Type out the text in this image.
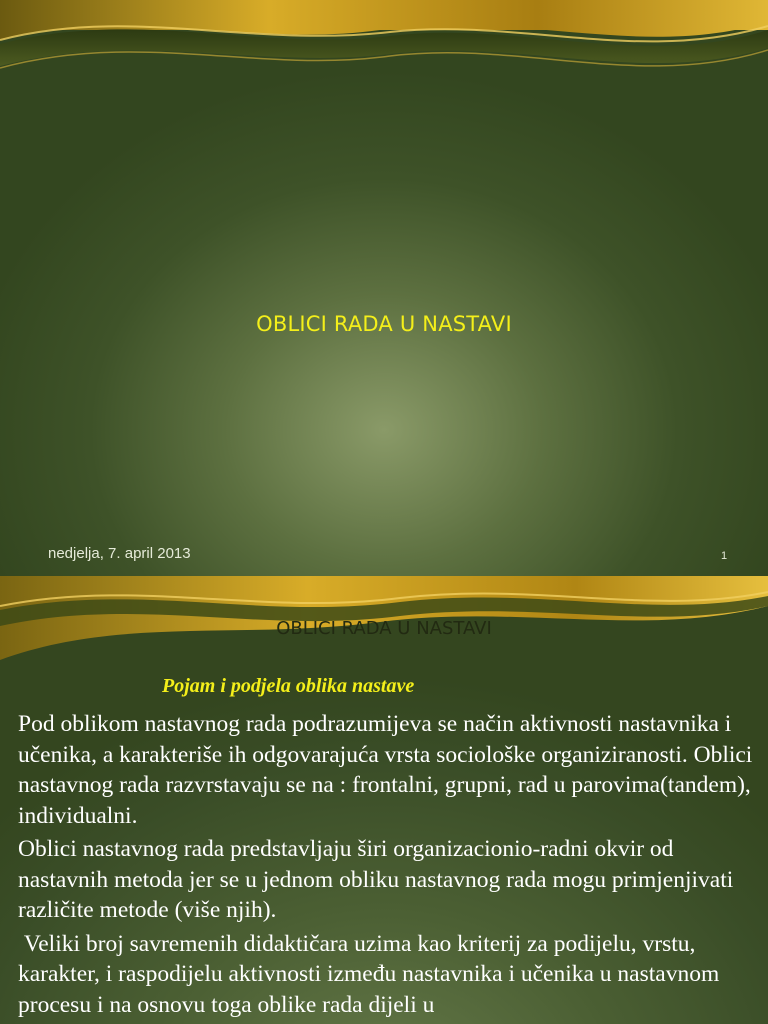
OBLICI RADA U NASTAVI
nedjelja, 7. april 2013	1
OBLICI RADA U NASTAVI
Pojam i podjela oblika nastave

Pod oblikom nastavnog rada podrazumijeva se način aktivnosti nastavnika i učenika, a karakteriše ih odgovarajuća vrsta sociološke organiziranosti. Oblici nastavnog rada razvrstavaju se na : frontalni, grupni, rad u parovima(tandem), individualni.

Oblici nastavnog rada predstavljaju širi organizacionio-radni okvir od nastavnih metoda jer se u jednom obliku nastavnog rada mogu primjenjivati različite metode (više njih).

Veliki broj savremenih didaktičara uzima kao kriterij za podijelu, vrstu, karakter, i raspodijelu aktivnosti između nastavnika i učenika u nastavnom procesu i na osnovu toga oblike rada dijeli u
